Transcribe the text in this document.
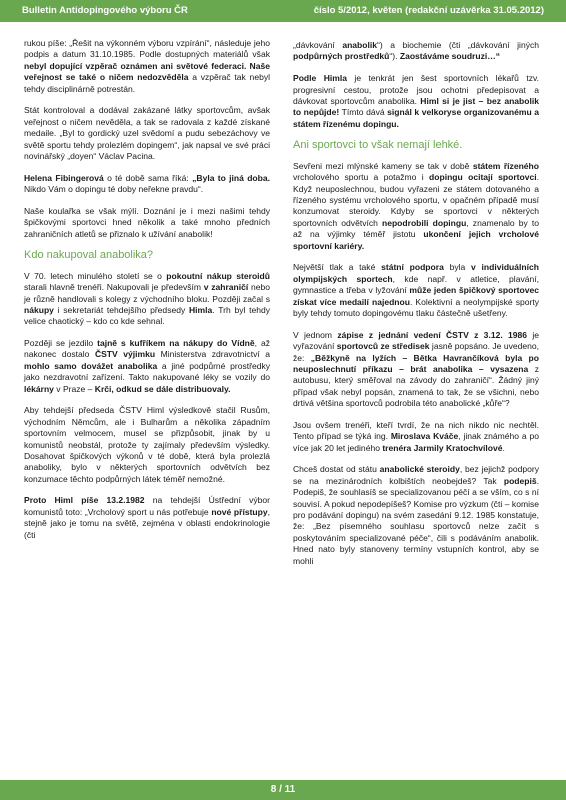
Bulletin Antidopingového výboru ČR	číslo 5/2012, květen (redakční uzávěrka 31.05.2012)

rukou píše: „Řešit na výkonném výboru vzpírání“, následuje jeho podpis a datum 31.10.1985. Podle dostupných materiálů však nebyl dopující vzpěrač oznámen ani světové federaci. Našе veřejnost se také o ničem nedozvěděla a vzpěrač tak nebyl tehdy disciplinárně potrestán.

Stát kontroloval a dodával zakázané látky sportovcům, avšak veřejnost o ničem nevěděla, a tak se radovala z každé získané medaile. „Byl to gordický uzel svědomí a pudu sebezáchovy ve světě sportu tehdy prolezlém dopingem“, jak napsal ve své práci novinářský „doyen“ Václav Pacina.

Helena Fibingerová o té době sama říká: „Byla to jiná doba. Nikdo Vám o dopingu té doby neřekne pravdu“.

Naše koulařka se však mýlí. Doznání je i mezi našimi tehdy špičkovými sportovci hned několik a také mnoho předních zahraničních atletů se přiznalo k užívání anabolik!

Kdo nakupoval anabolika?

V 70. letech minulého století se o pokoutní nákup steroidů starali hlavně trenéři. Nakupovali je především v zahraničí nebo je různě handlovali s kolegy z východního bloku. Později začal s nákupy i sekretariát tehdejšího předsedy Himla. Trh byl tehdy velice chaotický – kdo co kde sehnal.

Později se jezdilo tajně s kufříkem na nákupy do Vídně, až nakonec dostalo ČSTV výjimku Ministerstva zdravotnictví a mohlo samo dovážet anabolika a jiné podpůrné prostředky jako nezdravotní zařízení. Takto nakupované léky se vozily do lékárny v Praze – Krči, odkud se dále distribuovaly.

Aby tehdejší předseda ČSTV Himl výsledkově stačil Rusům, východním Němcům, ale i Bulharům a několika západním sportovním velmocem, musel se přizpůsobit, jinak by u komunistů neobstál, protože ty zajímaly především výsledky. Dosahovat špičkových výkonů v té době, která byla prolezlá anaboliky, bylo v některých sportovních odvětvích bez konzumace těchto podpůrných látek téměř nemožné.

Proto Himl píše 13.2.1982 na tehdejší Ústřední výbor komunistů toto: „Vrcholový sport u nás potřebuje nové přístupy, stejně jako je tomu na světě, zejména v oblasti endokrinologie (čti

„dávkování anabolik“) a biochemie (čti „dávkování jiných podpůrných prostředků“). Zaostáváme soudruzi…“

Podle Himla je tenkrát jen šest sportovních lékařů tzv. progresivní cestou, protože jsou ochotni předepisovat a dávkovat sportovcům anabolika. Himl si je jist – bez anabolik to nepůjde! Tímto dává signál k velkoryse organizovanému a státem řízenému dopingu.

Ani sportovci to však nemají lehké.

Sevřeni mezi mlýnské kameny se tak v době státem řízeného vrcholového sportu a potažmo i dopingu ocitají sportovci. Když neuposlechnou, budou vyřazeni ze státem dotovaného a řízeného systému vrcholového sportu, v opačném případě musí konzumovat steroidy. Kdyby se sportovci v některých sportovních odvětvích nepodrobili dopingu, znamenalo by to až na výjimky téměř jistotu ukončení jejich vrcholové sportovní kariéry.

Největší tlak a také státní podpora byla v individuálních olympijských sportech, kde např. v atletice, plavání, gymnastice a třeba v lyžování může jeden špičkový sportovec získat více medailí najednou. Kolektivní a neolympijské sporty byly tehdy tomuto dopingovému tlaku částečně ušetřeny.

V jednom zápise z jednání vedení ČSTV z 3.12. 1986 je vyřazování sportovců ze středisek jasně popsáno. Je uvedeno, že: „Běžkyně na lyžích – Bětka Havrančíková byla po neuposlechnutí příkazu – brát anabolika – vysazena z autobusu, který směřoval na závody do zahraničí“. Žádný jiný případ však nebyl popsán, znamená to tak, že se všichni, nebo drtivá většina sportovců podrobila této anabolické „kůře“?

Jsou ovšem trenéři, kteří tvrdí, že na nich nikdo nic nechtěl. Tento případ se týká ing. Miroslava Kváče, jinak známého a po více jak 20 let jediného trenéra Jarmily Kratochvílové.

Chceš dostat od státu anabolické steroidy, bez jejichž podpory se na mezinárodních kolbištích neobejdeš? Tak podepiš. Podepiš, že souhlasíš se specializovanou péčí a se vším, co s ní souvisí. A pokud nepodepíšeš? Komise pro výzkum (čti – komise pro podávání dopingu) na svém zasedání 9.12. 1985 konstatuje, že: „Bez písemného souhlasu sportovců nelze začít s poskytováním specializované péče“, čili s podáváním anabolik. Hned nato byly stanoveny termíny vstupních kontrol, aby se mohli

8 / 11
